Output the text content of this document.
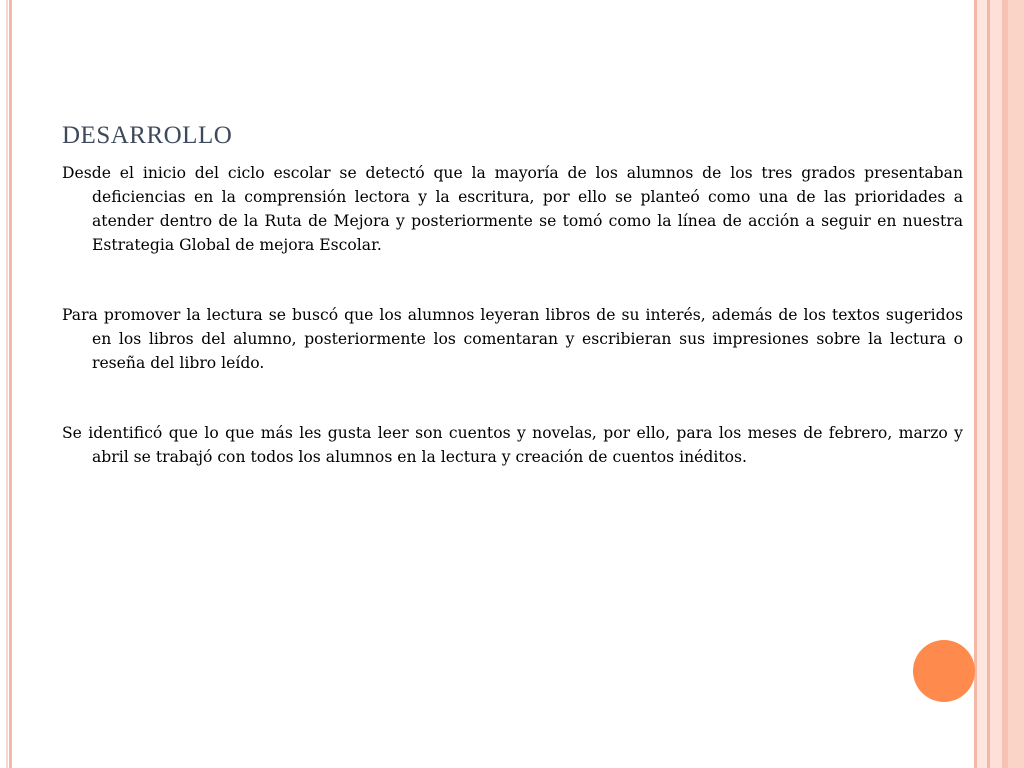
DESARROLLO

Desde el inicio del ciclo escolar se detectó que la mayoría de los alumnos de los tres grados presentaban deficiencias en la comprensión lectora y la escritura, por ello se planteó como una de las prioridades a atender dentro de la Ruta de Mejora y posteriormente se tomó como la línea de acción a seguir en nuestra Estrategia Global de mejora Escolar.

Para promover la lectura se buscó que los alumnos leyeran libros de su interés, además de los textos sugeridos en los libros del alumno, posteriormente los comentaran y escribieran sus impresiones sobre la lectura o reseña del libro leído.

Se identificó que lo que más les gusta leer son cuentos y novelas, por ello, para los meses de febrero, marzo y abril se trabajó con todos los alumnos en la lectura y creación de cuentos inéditos.
